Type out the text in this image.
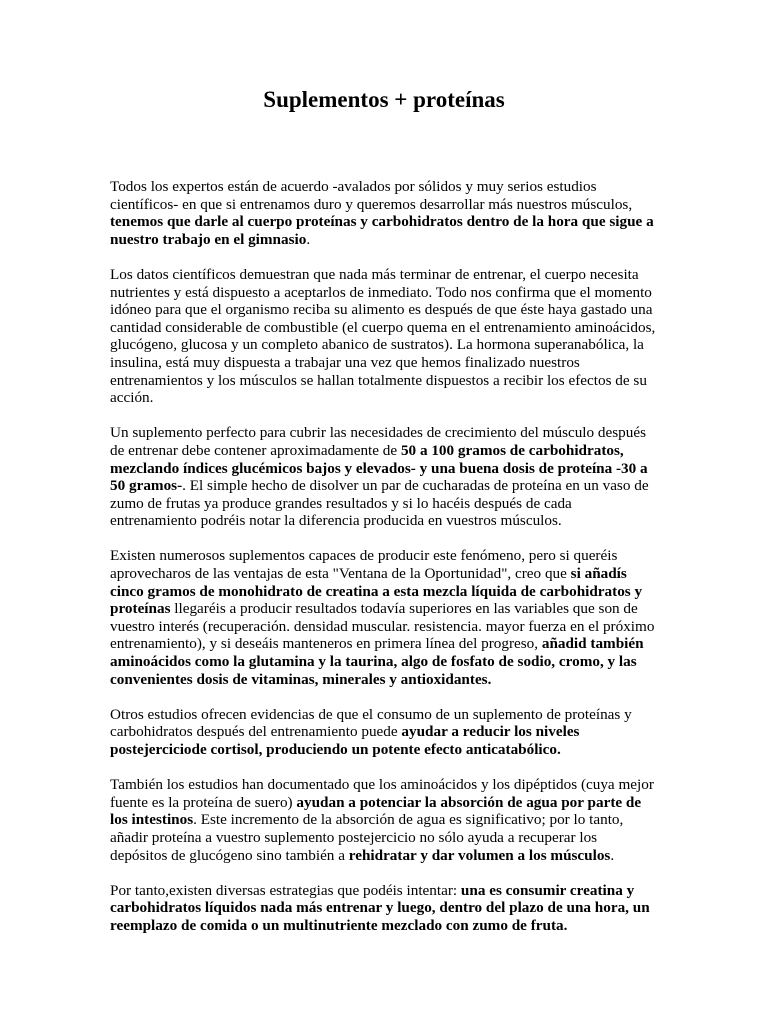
Suplementos + proteínas

Todos los expertos están de acuerdo -avalados por sólidos y muy serios estudios científicos- en que si entrenamos duro y queremos desarrollar más nuestros músculos, tenemos que darle al cuerpo proteínas y carbohidratos dentro de la hora que sigue a nuestro trabajo en el gimnasio.

Los datos científicos demuestran que nada más terminar de entrenar, el cuerpo necesita nutrientes y está dispuesto a aceptarlos de inmediato. Todo nos confirma que el momento idóneo para que el organismo reciba su alimento es después de que éste haya gastado una cantidad considerable de combustible (el cuerpo quema en el entrenamiento aminoácidos, glucógeno, glucosa y un completo abanico de sustratos). La hormona superanabólica, la insulina, está muy dispuesta a trabajar una vez que hemos finalizado nuestros entrenamientos y los músculos se hallan totalmente dispuestos a recibir los efectos de su acción.

Un suplemento perfecto para cubrir las necesidades de crecimiento del músculo después de entrenar debe contener aproximadamente de 50 a 100 gramos de carbohidratos, mezclando índices glucémicos bajos y elevados- y una buena dosis de proteína -30 a 50 gramos-. El simple hecho de disolver un par de cucharadas de proteína en un vaso de zumo de frutas ya produce grandes resultados y si lo hacéis después de cada entrenamiento podréis notar la diferencia producida en vuestros músculos.

Existen numerosos suplementos capaces de producir este fenómeno, pero si queréis aprovecharos de las ventajas de esta "Ventana de la Oportunidad", creo que si añadís cinco gramos de monohidrato de creatina a esta mezcla líquida de carbohidratos y proteínas llegaréis a producir resultados todavía superiores en las variables que son de vuestro interés (recuperación. densidad muscular. resistencia. mayor fuerza en el próximo entrenamiento), y si deseáis manteneros en primera línea del progreso, añadid también aminoácidos como la glutamina y la taurina, algo de fosfato de sodio, cromo, y las convenientes dosis de vitaminas, minerales y antioxidantes.

Otros estudios ofrecen evidencias de que el consumo de un suplemento de proteínas y carbohidratos después del entrenamiento puede ayudar a reducir los niveles postejerciciode cortisol, produciendo un potente efecto anticatabólico.

También los estudios han documentado que los aminoácidos y los dipéptidos (cuya mejor fuente es la proteína de suero) ayudan a potenciar la absorción de agua por parte de los intestinos. Este incremento de la absorción de agua es significativo; por lo tanto, añadir proteína a vuestro suplemento postejercicio no sólo ayuda a recuperar los depósitos de glucógeno sino también a rehidratar y dar volumen a los músculos.

Por tanto,existen diversas estrategias que podéis intentar: una es consumir creatina y carbohidratos líquidos nada más entrenar y luego, dentro del plazo de una hora, un reemplazo de comida o un multinutriente mezclado con zumo de fruta.
